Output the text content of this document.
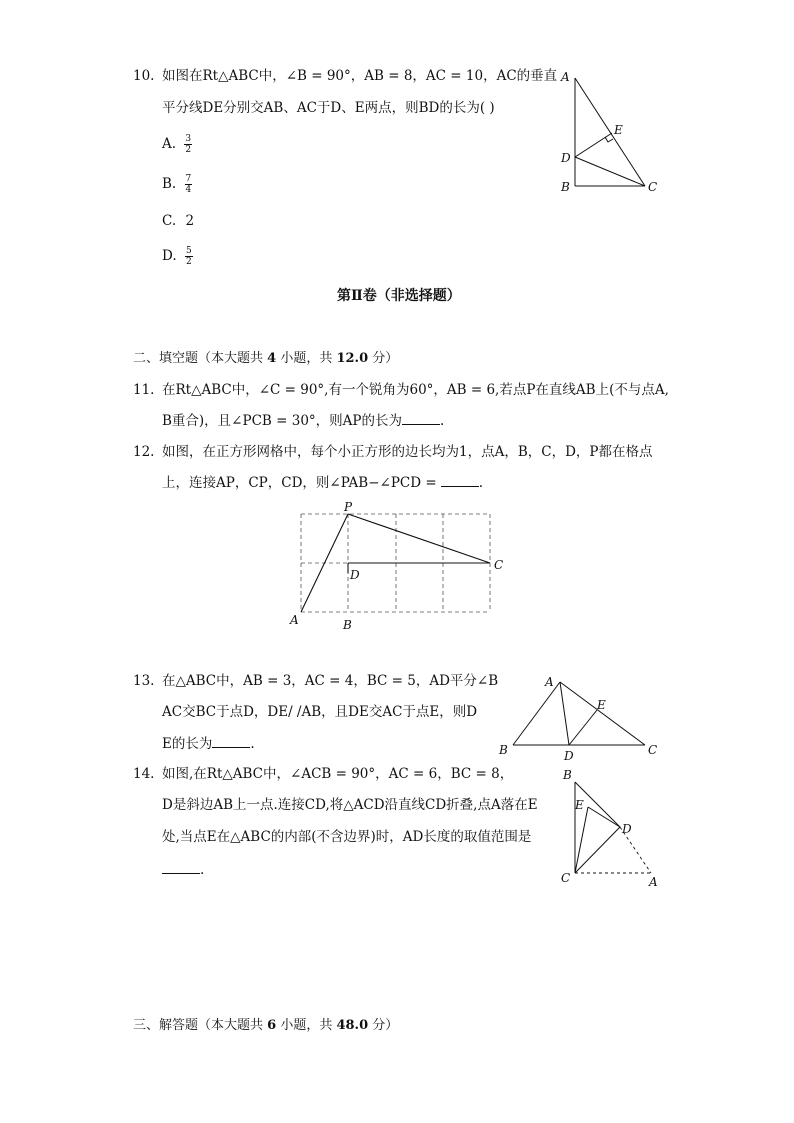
10. 如图在Rt△ABC中，∠B = 90°，AB = 8，AC = 10，AC的垂直
平分线DE分别交AB、AC于D、E两点，则BD的长为( )
A. $\frac{3}{2}$
B. $\frac{7}{4}$
C. 2
D. $\frac{5}{2}$
A
B	C
D
E
第Ⅱ卷（非选择题）
二、填空题（本大题共 4 小题，共 12.0 分）
11. 在Rt△ABC中，∠C = 90°,有一个锐角为60°，AB = 6,若点P在直线AB上(不与点A,
B重合)，且∠PCB = 30°，则AP的长为	.
12. 如图，在正方形网格中，每个小正方形的边长均为1，点A，B，C，D，P都在格点
上，连接AP，CP，CD，则∠PAB−∠PCD =	.
P
C
D
A	B
13. 在△ABC中，AB = 3，AC = 4，BC = 5，AD平分∠B
AC交BC于点D，DE/ /AB，且DE交AC于点E，则D
E的长为	.
A
B	C
D
E
14. 如图,在Rt△ABC中，∠ACB = 90°，AC = 6，BC = 8，
D是斜边AB上一点.连接CD,将△ACD沿直线CD折叠,点A落在E
处,当点E在△ABC的内部(不含边界)时，AD长度的取值范围是
.
B
E
D
C	A
三、解答题（本大题共 6 小题，共 48.0 分）
